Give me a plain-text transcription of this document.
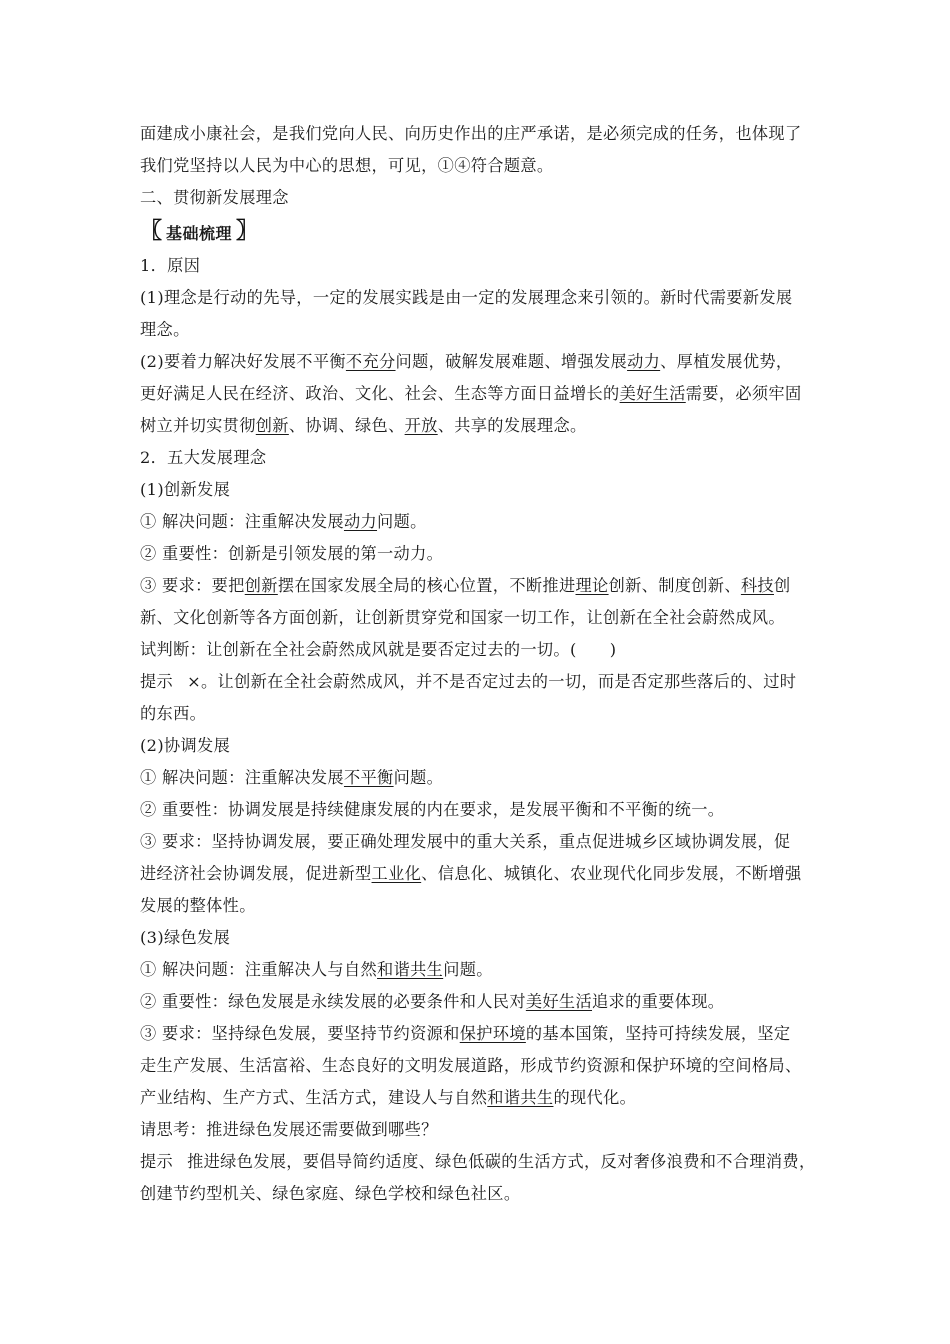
面建成小康社会，是我们党向人民、向历史作出的庄严承诺，是必须完成的任务，也体现了
我们党坚持以人民为中心的思想，可见，①④符合题意。
二、贯彻新发展理念
〖 基础梳理 〗
1．原因
(1)理念是行动的先导，一定的发展实践是由一定的发展理念来引领的。新时代需要新发展
理念。
(2)要着力解决好发展不平衡不充分问题，破解发展难题、增强发展动力、厚植发展优势，
更好满足人民在经济、政治、文化、社会、生态等方面日益增长的美好生活需要，必须牢固
树立并切实贯彻创新、协调、绿色、开放、共享的发展理念。
2．五大发展理念
(1)创新发展
① 解决问题：注重解决发展动力问题。
② 重要性：创新是引领发展的第一动力。
③ 要求：要把创新摆在国家发展全局的核心位置，不断推进理论创新、制度创新、科技创
新、文化创新等各方面创新，让创新贯穿党和国家一切工作，让创新在全社会蔚然成风。
试判断：让创新在全社会蔚然成风就是要否定过去的一切。(　　)
提示 ×。让创新在全社会蔚然成风，并不是否定过去的一切，而是否定那些落后的、过时
的东西。
(2)协调发展
① 解决问题：注重解决发展不平衡问题。
② 重要性：协调发展是持续健康发展的内在要求，是发展平衡和不平衡的统一。
③ 要求：坚持协调发展，要正确处理发展中的重大关系，重点促进城乡区域协调发展，促
进经济社会协调发展，促进新型工业化、信息化、城镇化、农业现代化同步发展，不断增强
发展的整体性。
(3)绿色发展
① 解决问题：注重解决人与自然和谐共生问题。
② 重要性：绿色发展是永续发展的必要条件和人民对美好生活追求的重要体现。
③ 要求：坚持绿色发展，要坚持节约资源和保护环境的基本国策，坚持可持续发展，坚定
走生产发展、生活富裕、生态良好的文明发展道路，形成节约资源和保护环境的空间格局、
产业结构、生产方式、生活方式，建设人与自然和谐共生的现代化。
请思考：推进绿色发展还需要做到哪些？
提示 推进绿色发展，要倡导简约适度、绿色低碳的生活方式，反对奢侈浪费和不合理消费，
创建节约型机关、绿色家庭、绿色学校和绿色社区。
